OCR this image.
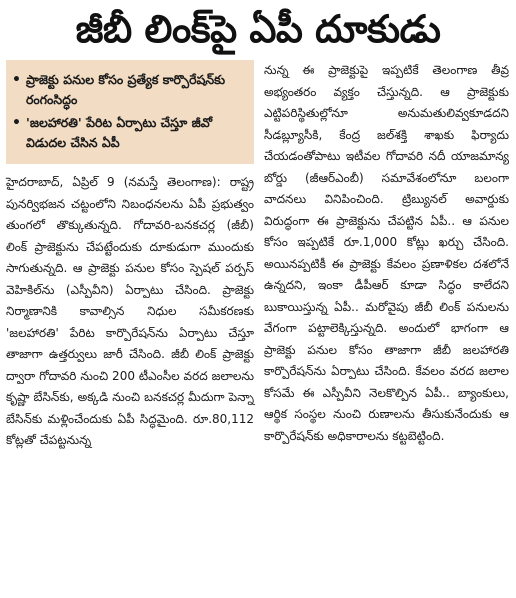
జీబీ లింక్‌పై ఏపీ దూకుడు
• ప్రాజెక్టు పనుల కోసం ప్రత్యేక కార్పొరేషన్‌కు రంగంసిద్ధం
• 'జలహారతి' పేరిట ఏర్పాటు చేస్తూ జీవో విడుదల చేసిన ఏపీ

హైదరాబాద్, ఏప్రిల్ 9 (నమస్తే తెలంగాణ): రాష్ట్ర పునర్విభజన చట్టంలోని నిబంధనలను ఏపీ ప్రభుత్వం తుంగలో తొక్కుతున్నది. గోదావరి-బనకచర్ల (జీబీ) లింక్ ప్రాజెక్టును చేపట్టేందుకు దూకుడుగా ముందుకు సాగుతున్నది. ఆ ప్రాజెక్టు పనుల కోసం స్పెషల్ పర్పస్ వెహికిల్‌ను (ఎస్పీవీని) ఏర్పాటు చేసింది. ప్రాజెక్టు నిర్మాణానికి కావాల్సిన నిధుల సమీకరణకు 'జలహారతి' పేరిట కార్పొరేషన్‌ను ఏర్పాటు చేస్తూ తాజాగా ఉత్తర్వులు జారీ చేసింది. జీబీ లింక్ ప్రాజెక్టు ద్వారా గోదావరి నుంచి 200 టీఎంసీల వరద జలాలను కృష్ణా బేసిన్‌కు, అక్కడి నుంచి బనకచర్ల మీదుగా పెన్నా బేసిన్‌కు మళ్లించేందుకు ఏపీ సిద్ధమైంది. రూ.80,112 కోట్లతో చేపట్టనున్న

నున్న ఈ ప్రాజెక్టుపై ఇప్పటికే తెలంగాణ తీవ్ర అభ్యంతరం వ్యక్తం చేస్తున్నది. ఆ ప్రాజెక్టుకు ఎట్టిపరిస్థితుల్లోనూ అనుమతులివ్వకూడదని సీడబ్ల్యూసీకి, కేంద్ర జల్‌శక్తి శాఖకు ఫిర్యాదు చేయడంతోపాటు ఇటీవల గోదావరి నదీ యాజమాన్య బోర్డు (జీఆర్‌ఎంబీ) సమావేశంలోనూ బలంగా వాదనలు వినిపించింది. ట్రిబ్యునల్ అవార్డుకు విరుద్ధంగా ఈ ప్రాజెక్టును చేపట్టిన ఏపీ.. ఆ పనుల కోసం ఇప్పటికే రూ.1,000 కోట్లు ఖర్చు చేసింది. అయినప్పటికీ ఈ ప్రాజెక్టు కేవలం ప్రణాళికల దశలోనే ఉన్నదని, ఇంకా డీపీఆర్ కూడా సిద్ధం కాలేదని బుకాయిస్తున్న ఏపీ.. మరోవైపు జీబీ లింక్ పనులను వేగంగా పట్టాలెక్కిస్తున్నది. అందులో భాగంగా ఆ ప్రాజెక్టు పనుల కోసం తాజాగా జీబీ జలహారతి కార్పొరేషన్‌ను ఏర్పాటు చేసింది. కేవలం వరద జలాల కోసమే ఈ ఎస్పీవీని నెలకొల్పిన ఏపీ.. బ్యాంకులు, ఆర్థిక సంస్థల నుంచి రుణాలను తీసుకునేందుకు ఆ కార్పొరేషన్‌కు అధికారాలను కట్టబెట్టింది.
